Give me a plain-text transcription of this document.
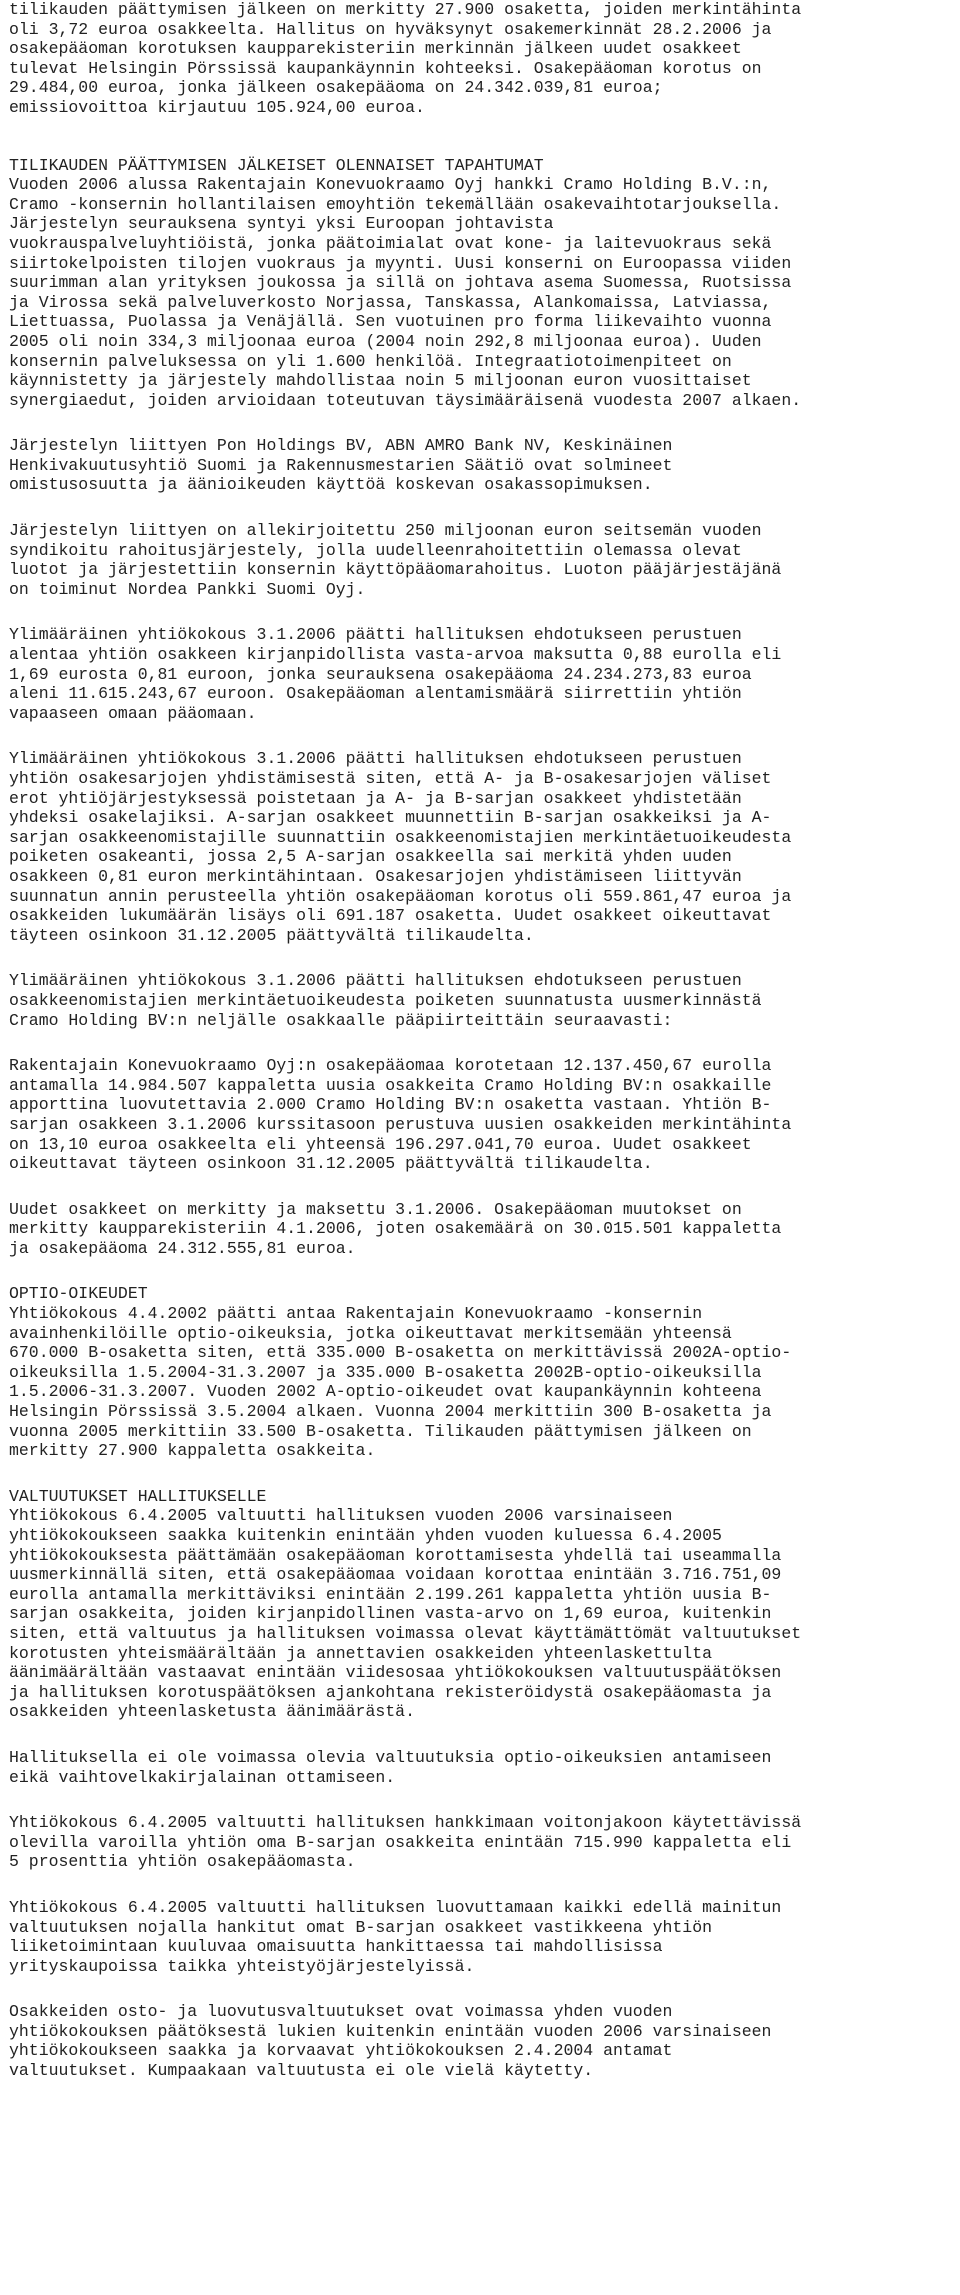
tilikauden päättymisen jälkeen on merkitty 27.900 osaketta, joiden merkintähinta
oli 3,72 euroa osakkeelta. Hallitus on hyväksynyt osakemerkinnät 28.2.2006 ja
osakepääoman korotuksen kaupparekisteriin merkinnän jälkeen uudet osakkeet
tulevat Helsingin Pörssissä kaupankäynnin kohteeksi. Osakepääoman korotus on
29.484,00 euroa, jonka jälkeen osakepääoma on 24.342.039,81 euroa;
emissiovoittoa kirjautuu 105.924,00 euroa.
TILIKAUDEN PÄÄTTYMISEN JÄLKEISET OLENNAISET TAPAHTUMAT
Vuoden 2006 alussa Rakentajain Konevuokraamo Oyj hankki Cramo Holding B.V.:n,
Cramo -konsernin hollantilaisen emoyhtiön tekemällään osakevaihtotarjouksella.
Järjestelyn seurauksena syntyi yksi Euroopan johtavista
vuokrauspalveluyhtiöistä, jonka päätoimialat ovat kone- ja laitevuokraus sekä
siirtokelpoisten tilojen vuokraus ja myynti. Uusi konserni on Euroopassa viiden
suurimman alan yrityksen joukossa ja sillä on johtava asema Suomessa, Ruotsissa
ja Virossa sekä palveluverkosto Norjassa, Tanskassa, Alankomaissa, Latviassa,
Liettuassa, Puolassa ja Venäjällä. Sen vuotuinen pro forma liikevaihto vuonna
2005 oli noin 334,3 miljoonaa euroa (2004 noin 292,8 miljoonaa euroa). Uuden
konsernin palveluksessa on yli 1.600 henkilöä. Integraatiotoimenpiteet on
käynnistetty ja järjestely mahdollistaa noin 5 miljoonan euron vuosittaiset
synergiaedut, joiden arvioidaan toteutuvan täysimääräisenä vuodesta 2007 alkaen.
Järjestelyn liittyen Pon Holdings BV, ABN AMRO Bank NV, Keskinäinen
Henkivakuutusyhtiö Suomi ja Rakennusmestarien Säätiö ovat solmineet
omistusosuutta ja äänioikeuden käyttöä koskevan osakassopimuksen.
Järjestelyn liittyen on allekirjoitettu 250 miljoonan euron seitsemän vuoden
syndikoitu rahoitusjärjestely, jolla uudelleenrahoitettiin olemassa olevat
luotot ja järjestettiin konsernin käyttöpääomarahoitus. Luoton pääjärjestäjänä
on toiminut Nordea Pankki Suomi Oyj.
Ylimääräinen yhtiökokous 3.1.2006 päätti hallituksen ehdotukseen perustuen
alentaa yhtiön osakkeen kirjanpidollista vasta-arvoa maksutta 0,88 eurolla eli
1,69 eurosta 0,81 euroon, jonka seurauksena osakepääoma 24.234.273,83 euroa
aleni 11.615.243,67 euroon. Osakepääoman alentamismäärä siirrettiin yhtiön
vapaaseen omaan pääomaan.
Ylimääräinen yhtiökokous 3.1.2006 päätti hallituksen ehdotukseen perustuen
yhtiön osakesarjojen yhdistämisestä siten, että A- ja B-osakesarjojen väliset
erot yhtiöjärjestyksessä poistetaan ja A- ja B-sarjan osakkeet yhdistetään
yhdeksi osakelajiksi. A-sarjan osakkeet muunnettiin B-sarjan osakkeiksi ja A-
sarjan osakkeenomistajille suunnattiin osakkeenomistajien merkintäetuoikeudesta
poiketen osakeanti, jossa 2,5 A-sarjan osakkeella sai merkitä yhden uuden
osakkeen 0,81 euron merkintähintaan. Osakesarjojen yhdistämiseen liittyvän
suunnatun annin perusteella yhtiön osakepääoman korotus oli 559.861,47 euroa ja
osakkeiden lukumäärän lisäys oli 691.187 osaketta. Uudet osakkeet oikeuttavat
täyteen osinkoon 31.12.2005 päättyvältä tilikaudelta.
Ylimääräinen yhtiökokous 3.1.2006 päätti hallituksen ehdotukseen perustuen
osakkeenomistajien merkintäetuoikeudesta poiketen suunnatusta uusmerkinnästä
Cramo Holding BV:n neljälle osakkaalle pääpiirteittäin seuraavasti:
Rakentajain Konevuokraamo Oyj:n osakepääomaa korotetaan 12.137.450,67 eurolla
antamalla 14.984.507 kappaletta uusia osakkeita Cramo Holding BV:n osakkaille
apporttina luovutettavia 2.000 Cramo Holding BV:n osaketta vastaan. Yhtiön B-
sarjan osakkeen 3.1.2006 kurssitasoon perustuva uusien osakkeiden merkintähinta
on 13,10 euroa osakkeelta eli yhteensä 196.297.041,70 euroa. Uudet osakkeet
oikeuttavat täyteen osinkoon 31.12.2005 päättyvältä tilikaudelta.
Uudet osakkeet on merkitty ja maksettu 3.1.2006. Osakepääoman muutokset on
merkitty kaupparekisteriin 4.1.2006, joten osakemäärä on 30.015.501 kappaletta
ja osakepääoma 24.312.555,81 euroa.
OPTIO-OIKEUDET
Yhtiökokous 4.4.2002 päätti antaa Rakentajain Konevuokraamo -konsernin
avainhenkilöille optio-oikeuksia, jotka oikeuttavat merkitsemään yhteensä
670.000 B-osaketta siten, että 335.000 B-osaketta on merkittävissä 2002A-optio-
oikeuksilla 1.5.2004-31.3.2007 ja 335.000 B-osaketta 2002B-optio-oikeuksilla
1.5.2006-31.3.2007. Vuoden 2002 A-optio-oikeudet ovat kaupankäynnin kohteena
Helsingin Pörssissä 3.5.2004 alkaen. Vuonna 2004 merkittiin 300 B-osaketta ja
vuonna 2005 merkittiin 33.500 B-osaketta. Tilikauden päättymisen jälkeen on
merkitty 27.900 kappaletta osakkeita.
VALTUUTUKSET HALLITUKSELLE
Yhtiökokous 6.4.2005 valtuutti hallituksen vuoden 2006 varsinaiseen
yhtiökokoukseen saakka kuitenkin enintään yhden vuoden kuluessa 6.4.2005
yhtiökokouksesta päättämään osakepääoman korottamisesta yhdellä tai useammalla
uusmerkinnällä siten, että osakepääomaa voidaan korottaa enintään 3.716.751,09
eurolla antamalla merkittäviksi enintään 2.199.261 kappaletta yhtiön uusia B-
sarjan osakkeita, joiden kirjanpidollinen vasta-arvo on 1,69 euroa, kuitenkin
siten, että valtuutus ja hallituksen voimassa olevat käyttämättömät valtuutukset
korotusten yhteismäärältään ja annettavien osakkeiden yhteenlaskettulta
äänimäärältään vastaavat enintään viidesosaa yhtiökokouksen valtuutuspäätöksen
ja hallituksen korotuspäätöksen ajankohtana rekisteröidystä osakepääomasta ja
osakkeiden yhteenlasketusta äänimäärästä.
Hallituksella ei ole voimassa olevia valtuutuksia optio-oikeuksien antamiseen
eikä vaihtovelkakirjalainan ottamiseen.
Yhtiökokous 6.4.2005 valtuutti hallituksen hankkimaan voitonjakoon käytettävissä
olevilla varoilla yhtiön oma B-sarjan osakkeita enintään 715.990 kappaletta eli
5 prosenttia yhtiön osakepääomasta.
Yhtiökokous 6.4.2005 valtuutti hallituksen luovuttamaan kaikki edellä mainitun
valtuutuksen nojalla hankitut omat B-sarjan osakkeet vastikkeena yhtiön
liiketoimintaan kuuluvaa omaisuutta hankittaessa tai mahdollisissa
yrityskaupoissa taikka yhteistyöjärjestelyissä.
Osakkeiden osto- ja luovutusvaltuutukset ovat voimassa yhden vuoden
yhtiökokouksen päätöksestä lukien kuitenkin enintään vuoden 2006 varsinaiseen
yhtiökokoukseen saakka ja korvaavat yhtiökokouksen 2.4.2004 antamat
valtuutukset. Kumpaakaan valtuutusta ei ole vielä käytetty.
